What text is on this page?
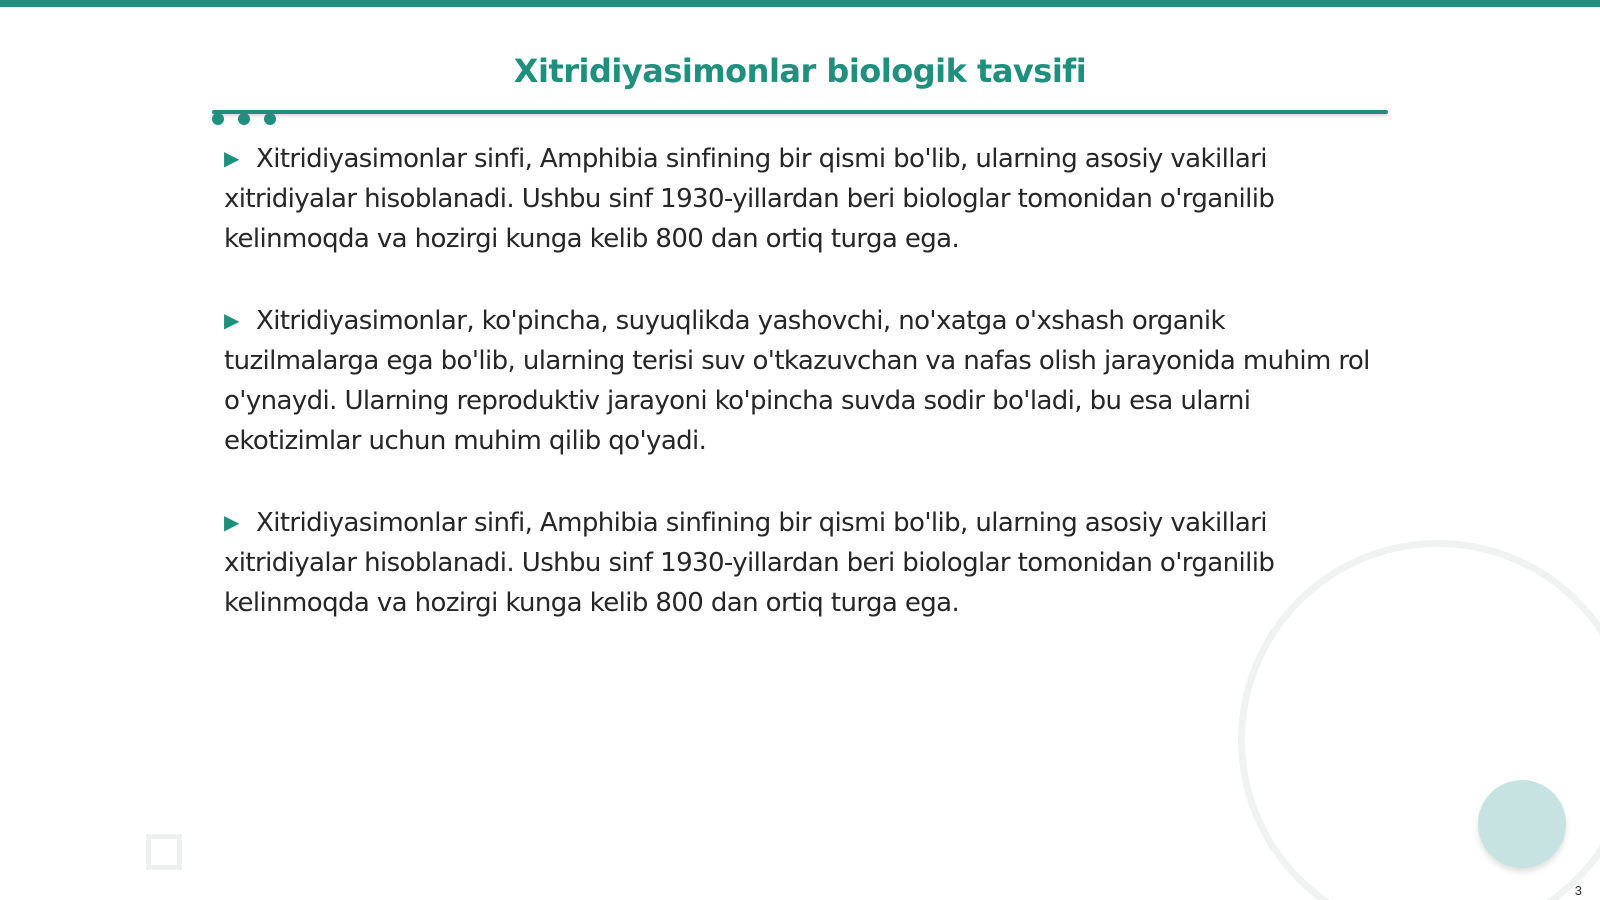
Xitridiyasimonlar biologik tavsifi

▶ Xitridiyasimonlar sinfi, Amphibia sinfining bir qismi bo'lib, ularning asosiy vakillari xitridiyalar hisoblanadi. Ushbu sinf 1930-yillardan beri biologlar tomonidan o'rganilib kelinmoqda va hozirgi kunga kelib 800 dan ortiq turga ega.

▶ Xitridiyasimonlar, ko'pincha, suyuqlikda yashovchi, no'xatga o'xshash organik tuzilmalarga ega bo'lib, ularning terisi suv o'tkazuvchan va nafas olish jarayonida muhim rol o'ynaydi. Ularning reproduktiv jarayoni ko'pincha suvda sodir bo'ladi, bu esa ularni ekotizimlar uchun muhim qilib qo'yadi.

▶ Xitridiyasimonlar sinfi, Amphibia sinfining bir qismi bo'lib, ularning asosiy vakillari xitridiyalar hisoblanadi. Ushbu sinf 1930-yillardan beri biologlar tomonidan o'rganilib kelinmoqda va hozirgi kunga kelib 800 dan ortiq turga ega.

3
